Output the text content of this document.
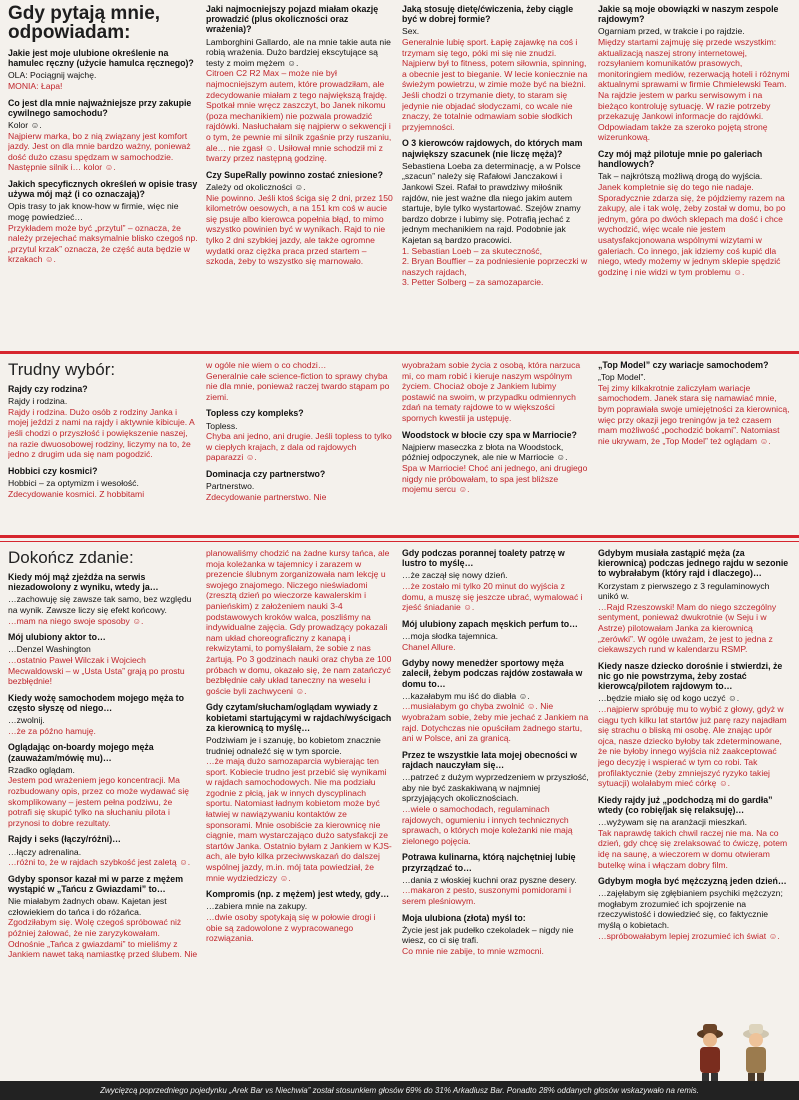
Gdy pytają mnie, odpowiadam:
Jakie jest moje ulubione określenie na hamulec ręczny (użycie hamulca ręcznego)?
OLA: Pociągnij wajchę.
MONIA: Łapa!
Co jest dla mnie najważniejsze przy zakupie cywilnego samochodu?
Kolor ☺.
Najpierw marka, bo z nią związany jest komfort jazdy. Jest on dla mnie bardzo ważny, ponieważ dość dużo czasu spędzam w samochodzie. Następnie silnik i… kolor ☺.
Jakich specyficznych określeń w opisie trasy używa mój mąż (i co oznaczają)?
Opis trasy to jak know-how w firmie, więc nie mogę powiedzieć…
Przykładem może być „przytul” – oznacza, że należy przejechać maksymalnie blisko czegoś np. „przytul krzak” oznacza, że część auta będzie w krzakach ☺.
Jaki najmocniejszy pojazd miałam okazję prowadzić (plus okoliczności oraz wrażenia)?
Lamborghini Gallardo, ale na mnie takie auta nie robią wrażenia. Dużo bardziej ekscytujące są testy z moim mężem ☺.
Citroen C2 R2 Max – może nie był najmocniejszym autem, które prowadziłam, ale zdecydowanie miałam z tego największą frajdę. Spotkał mnie wręcz zaszczyt, bo Janek nikomu (poza mechanikiem) nie pozwala prowadzić rajdówki. Nasłuchałam się najpierw o sekwencji i o tym, że pewnie mi silnik zgaśnie przy ruszaniu, ale… nie zgasł ☺. Usiłował mnie schodził mi z twarzy przez następną godzinę.
Czy SupeRally powinno zostać zniesione?
Zależy od okoliczności ☺.
Nie powinno. Jeśli ktoś ściga się 2 dni, przez 150 kilometrów oesowych, a na 151 km coś w aucie się psuje albo kierowca popełnia błąd, to mimo wszystko powinien być w wynikach. Rajd to nie tylko 2 dni szybkiej jazdy, ale także ogromne wydatki oraz ciężka praca przed startem – szkoda, żeby to wszystko się marnowało.
Jaką stosuję dietę/ćwiczenia, żeby ciągle być w dobrej formie?
Sex.
Generalnie lubię sport. Łapię zajawkę na coś i trzymam się tego, póki mi się nie znudzi. Najpierw był to fitness, potem siłownia, spinning, a obecnie jest to bieganie. W lecie koniecznie na świeżym powietrzu, w zimie może być na bieżni. Jeśli chodzi o trzymanie diety, to staram się jedynie nie objadać słodyczami, co wcale nie znaczy, że totalnie odmawiam sobie słodkich przyjemności.
O 3 kierowców rajdowych, do których mam największy szacunek (nie liczę męża)?
Sebastiena Loeba za determinację, a w Polsce „szacun” należy się Rafałowi Janczakowi i Jankowi Szei. Rafał to prawdziwy miłośnik rajdów, nie jest ważne dla niego jakim autem startuje, byle tylko wystartować. Szejów znamy bardzo dobrze i lubimy się. Potrafią jechać z jednym mechanikiem na rajd. Podobnie jak Kajetan są bardzo pracowici.
1. Sebastian Loeb – za skuteczność,
2. Bryan Bouffier – za podniesienie poprzeczki w naszych rajdach,
3. Petter Solberg – za samozaparcie.
Jakie są moje obowiązki w naszym zespole rajdowym?
Ogarniam przed, w trakcie i po rajdzie.
Między startami zajmuję się przede wszystkim: aktualizacją naszej strony internetowej, rozsyłaniem komunikatów prasowych, monitoringiem mediów, rezerwacją hoteli i różnymi aktualnymi sprawami w firmie Chmielewski Team. Na rajdzie jestem w parku serwisowym i na bieżąco kontroluję sytuację. W razie potrzeby przekazuję Jankowi informacje do rajdówki. Odpowiadam także za szeroko pojętą stronę wizerunkową.
Czy mój mąż pilotuje mnie po galeriach handlowych?
Tak – najkrótszą możliwą drogą do wyjścia.
Janek kompletnie się do tego nie nadaje. Sporadycznie zdarza się, że pójdziemy razem na zakupy, ale i tak wolę, żeby został w domu, bo po jednym, góra po dwóch sklepach ma dość i chce wychodzić, więc wcale nie jestem usatysfakcjonowana wspólnymi wizytami w galeriach. Co innego, jak idziemy coś kupić dla niego, wtedy możemy w jednym sklepie spędzić godzinę i nie widzi w tym problemu ☺.
Trudny wybór:
Rajdy czy rodzina?
Rajdy i rodzina.
Rajdy i rodzina. Dużo osób z rodziny Janka i mojej jeździ z nami na rajdy i aktywnie kibicuje. A jeśli chodzi o przyszłość i powiększenie naszej, na razie dwuosobowej rodziny, liczymy na to, że jedno z drugim uda się nam pogodzić.
Hobbici czy kosmici?
Hobbici – za optymizm i wesołość.
Zdecydowanie kosmici. Z hobbitami
w ogóle nie wiem o co chodzi…
Generalnie całe science-fiction to sprawy chyba nie dla mnie, ponieważ raczej twardo stąpam po ziemi.
Topless czy kompleks?
Topless.
Chyba ani jedno, ani drugie. Jeśli topless to tylko w ciepłych krajach, z dala od rajdowych paparazzi ☺.
Dominacja czy partnerstwo?
Partnerstwo.
Zdecydowanie partnerstwo. Nie
wyobrażam sobie życia z osobą, która narzuca mi, co mam robić i kieruje naszym wspólnym życiem. Chociaż oboje z Jankiem lubimy postawić na swoim, w przypadku odmiennych zdań na tematy rajdowe to w większości spornych kwestii ja ustępuję.
Woodstock w błocie czy spa w Marriocie?
Najpierw maseczka z błota na Woodstock, później odpoczynek, ale nie w Marriocie ☺.
Spa w Marriocie! Choć ani jednego, ani drugiego nigdy nie próbowałam, to spa jest bliższe mojemu sercu ☺.
„Top Model” czy wariacje samochodem?
„Top Model”.
Tej zimy kilkakrotnie zaliczyłam wariacje samochodem. Janek stara się namawiać mnie, bym poprawiała swoje umiejętności za kierownicą, więc przy okazji jego treningów ja też czasem mam możliwość „pochodzić bokami”. Natomiast nie ukrywam, że „Top Model” też oglądam ☺.
Dokończ zdanie:
Kiedy mój mąż zjeżdża na serwis niezadowolony z wyniku, wtedy ja…
…zachowuję się zawsze tak samo, bez względu na wynik. Zawsze liczy się efekt końcowy.
…mam na niego swoje sposoby ☺.
Mój ulubiony aktor to…
…Denzel Washington
…ostatnio Paweł Wilczak i Wojciech Mecwaldowski – w „Usta Usta” grają po prostu bezbłędnie!
Kiedy wożę samochodem mojego męża to często słyszę od niego…
…zwolnij.
…że za późno hamuję.
Oglądając on-boardy mojego męża (zauważam/mówię mu)…
Rzadko oglądam.
Jestem pod wrażeniem jego koncentracji. Ma rozbudowany opis, przez co może wydawać się skomplikowany – jestem pełna podziwu, że potrafi się skupić tylko na słuchaniu pilota i przynosi to dobre rezultaty.
Rajdy i seks (łączy/różni)…
…łączy adrenalina.
…różni to, że w rajdach szybkość jest zaletą ☺.
Gdyby sponsor kazał mi w parze z mężem wystąpić w „Tańcu z Gwiazdami” to…
Nie miałabym żadnych obaw. Kajetan jest człowiekiem do tańca i do różańca.
Zgodziłabym się. Wolę czegoś spróbować niż później żałować, że nie zaryzykowałam. Odnośnie „Tańca z gwiazdami” to mieliśmy z Jankiem nawet taką namiastkę przed ślubem. Nie
planowaliśmy chodzić na żadne kursy tańca, ale moja koleżanka w tajemnicy i zarazem w prezencie ślubnym zorganizowała nam lekcję u swojego znajomego. Niczego nieświadomi (zresztą dzień po wieczorze kawalerskim i panieńskim) z założeniem nauki 3-4 podstawowych kroków walca, poszliśmy na indywidualne zajęcia. Gdy prowadzący pokazali nam układ choreograficzny z kanapą i rekwizytami, to pomyślałam, że sobie z nas żartują. Po 3 godzinach nauki oraz chyba ze 100 próbach w domu, okazało się, że nam zatańczyć bezbłędnie cały układ taneczny na weselu i goście byli zachwyceni ☺.
Gdy czytam/słucham/oglądam wywiady z kobietami startującymi w rajdach/wyścigach za kierownicą to myślę…
Podziwiam je i szanuję, bo kobietom znacznie trudniej odnaleźć się w tym sporcie.
…że mają dużo samozaparcia wybierając ten sport. Kobiecie trudno jest przebić się wynikami w rajdach samochodowych. Nie ma podziału zgodnie z płcią, jak w innych dyscyplinach sportu. Natomiast ładnym kobietom może być łatwiej w nawiązywaniu kontaktów ze sponsorami. Mnie osobiście za kierownicę nie ciągnie, mam wystarczająco dużo satysfakcji ze startów Janka. Ostatnio byłam z Jankiem w KJS-ach, ale było kilka przeciwwskazań do dalszej wspólnej jazdy, m.in. mój tata powiedział, że mnie wydziedziczy ☺.
Kompromis (np. z mężem) jest wtedy, gdy…
…zabiera mnie na zakupy.
…dwie osoby spotykają się w połowie drogi i obie są zadowolone z wypracowanego rozwiązania.
Gdy podczas porannej toalety patrzę w lustro to myślę…
…że zaczął się nowy dzień.
…że zostało mi tylko 20 minut do wyjścia z domu, a muszę się jeszcze ubrać, wymalować i zjeść śniadanie ☺.
Mój ulubiony zapach męskich perfum to…
…moja słodka tajemnica.
Chanel Allure.
Gdyby nowy menedżer sportowy męża zalecił, żebym podczas rajdów zostawała w domu to…
…kazałabym mu iść do diabła ☺.
…musiałabym go chyba zwolnić ☺. Nie wyobrażam sobie, żeby mie jechać z Jankiem na rajd. Dotychczas nie opuściłam żadnego startu, ani w Polsce, ani za granicą.
Przez te wszystkie lata mojej obecności w rajdach nauczyłam się…
…patrzeć z dużym wyprzedzeniem w przyszłość, aby nie być zaskakiwaną w najmniej sprzyjających okolicznościach.
…wiele o samochodach, regulaminach rajdowych, ogumieniu i innych technicznych sprawach, o których moje koleżanki nie mają zielonego pojęcia.
Potrawa kulinarna, którą najchętniej lubię przyrządzać to…
…dania z włoskiej kuchni oraz pyszne desery.
…makaron z pesto, suszonymi pomidorami i serem pleśniowym.
Moja ulubiona (złota) myśl to:
Życie jest jak pudełko czekoladek – nigdy nie wiesz, co ci się trafi.
Co mnie nie zabije, to mnie wzmocni.
Gdybym musiała zastąpić męża (za kierownicą) podczas jednego rajdu w sezonie to wybrałabym (który rajd i dlaczego)…
Korzystam z pierwszego z 3 regulaminowych unikó w.
…Rajd Rzeszowski! Mam do niego szczególny sentyment, ponieważ dwukrotnie (w Seju i w Astrze) pilotowałam Janka za kierownicą „zerówki”. W ogóle uważam, że jest to jedna z ciekawszych rund w kalendarzu RSMP.
Kiedy nasze dziecko dorośnie i stwierdzi, że nic go nie powstrzyma, żeby zostać kierowcą/pilotem rajdowym to…
…będzie miało się od kogo uczyć ☺.
…najpierw spróbuję mu to wybić z głowy, gdyż w ciągu tych kilku lat startów już parę razy najadłam się strachu o bliską mi osobę. Ale znając upór ojca, nasze dziecko byłoby tak zdeterminowane, że nie byłoby innego wyjścia niż zaakceptować jego decyzję i wspierać w tym co robi. Tak profilaktycznie (żeby zmniejszyć ryzyko takiej sytuacji) wolałabym mieć córkę ☺.
Kiedy rajdy już „podchodzą mi do gardła” wtedy (co robię/jak się relaksuję)…
…wyżywam się na aranżacji mieszkań.
Tak naprawdę takich chwil raczej nie ma. Na co dzień, gdy chcę się zrelaksować to ćwiczę, potem idę na saunę, a wieczorem w domu otwieram butelkę wina i włączam dobry film.
Gdybym mogła być mężczyzną jeden dzień…
…zajęłabym się zgłębianiem psychiki mężczyzn; mogłabym zrozumieć ich spojrzenie na rzeczywistość i dowiedzieć się, co faktycznie myślą o kobietach.
…spróbowałabym lepiej zrozumieć ich świat ☺.
Zwycięzcą poprzedniego pojedynku „Arek Bar vs Niechwia” został stosunkiem głosów 69% do 31% Arkadiusz Bar. Ponadto 28% oddanych głosów wskazywało na remis.
